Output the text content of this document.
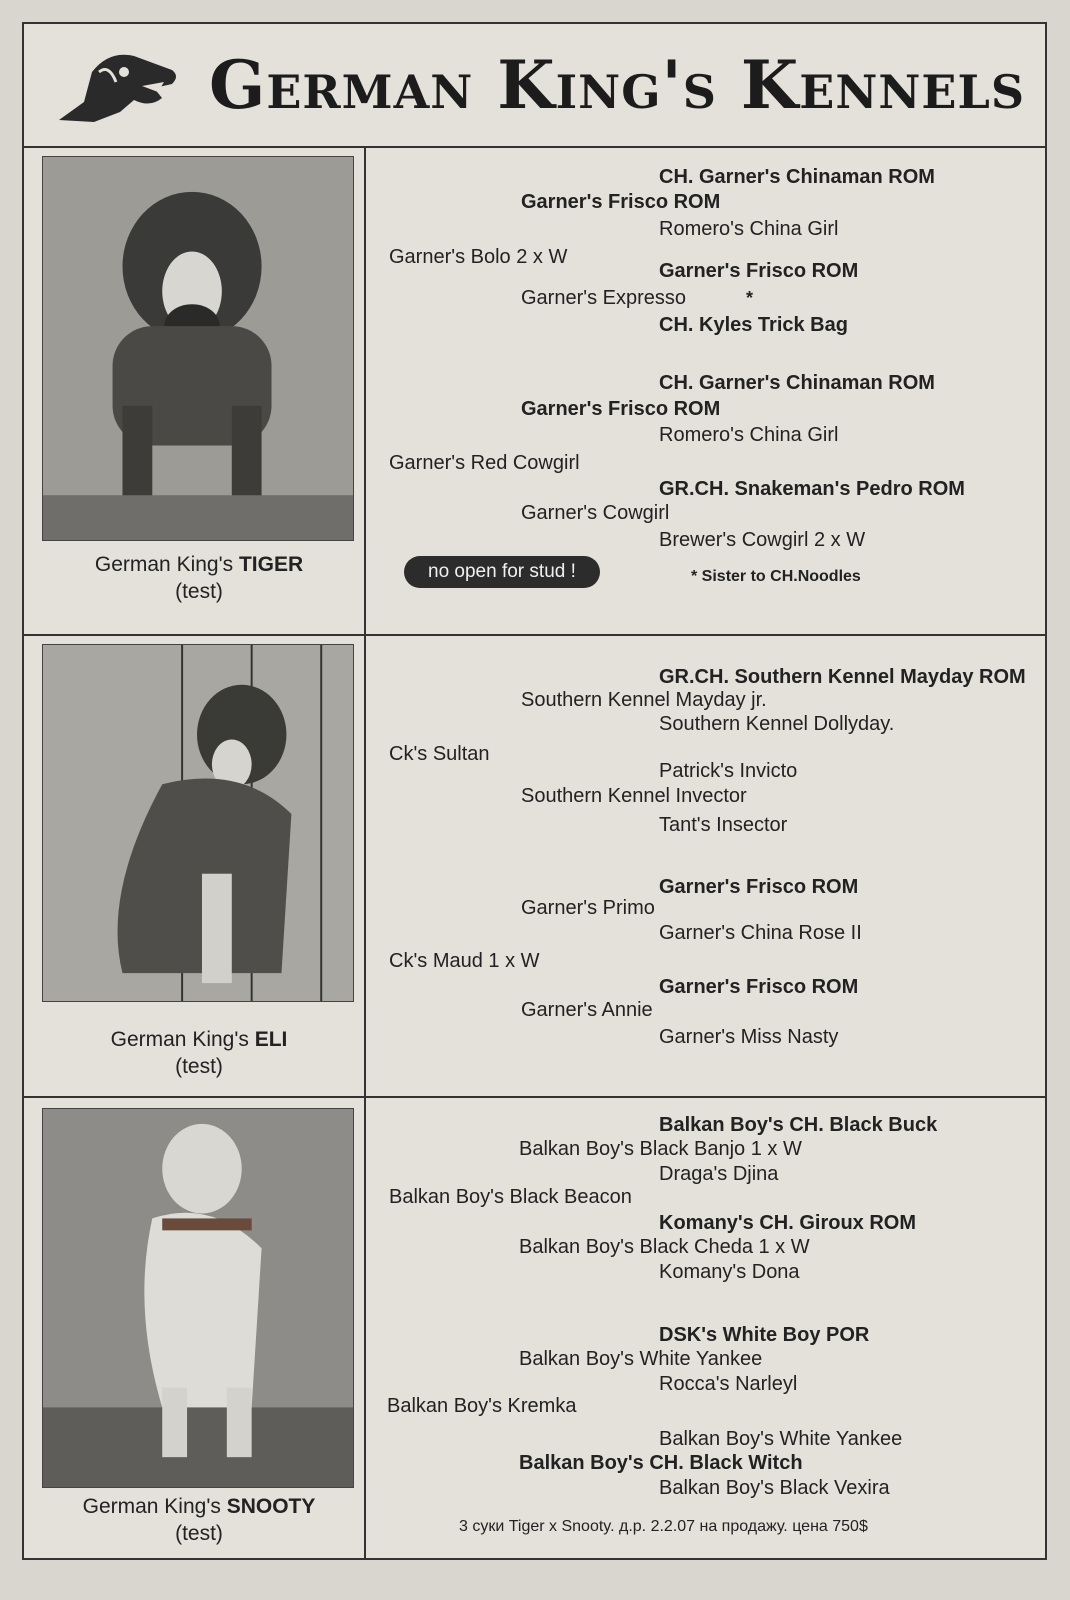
German King's Kennels
German King's TIGER
(test)
CH. Garner's Chinaman ROM
Garner's Frisco ROM
Romero's China Girl
Garner's Bolo 2 x W
Garner's Frisco ROM
Garner's Expresso	*
CH. Kyles Trick Bag
CH. Garner's Chinaman ROM
Garner's Frisco ROM
Romero's China Girl
Garner's Red Cowgirl
GR.CH. Snakeman's Pedro ROM
Garner's Cowgirl
Brewer's Cowgirl 2 x W
no open for stud !	* Sister to CH.Noodles
German King's ELI
(test)
GR.CH. Southern Kennel Mayday ROM
Southern Kennel Mayday jr.
Southern Kennel Dollyday.
Ck's Sultan
Patrick's Invicto
Southern Kennel Invector
Tant's Insector
Garner's Frisco ROM
Garner's Primo
Garner's China Rose II
Ck's Maud 1 x W
Garner's Frisco ROM
Garner's Annie
Garner's Miss Nasty
German King's SNOOTY
(test)
Balkan Boy's CH. Black Buck
Balkan Boy's Black Banjo 1 x W
Draga's Djina
Balkan Boy's Black Beacon
Komany's CH. Giroux ROM
Balkan Boy's Black Cheda 1 x W
Komany's Dona
DSK's White Boy POR
Balkan Boy's White Yankee
Rocca's Narleyl
Balkan Boy's Kremka
Balkan Boy's White Yankee
Balkan Boy's CH. Black Witch
Balkan Boy's Black Vexira
3 суки Tiger x Snooty. д.р. 2.2.07 на продажу. цена 750$
